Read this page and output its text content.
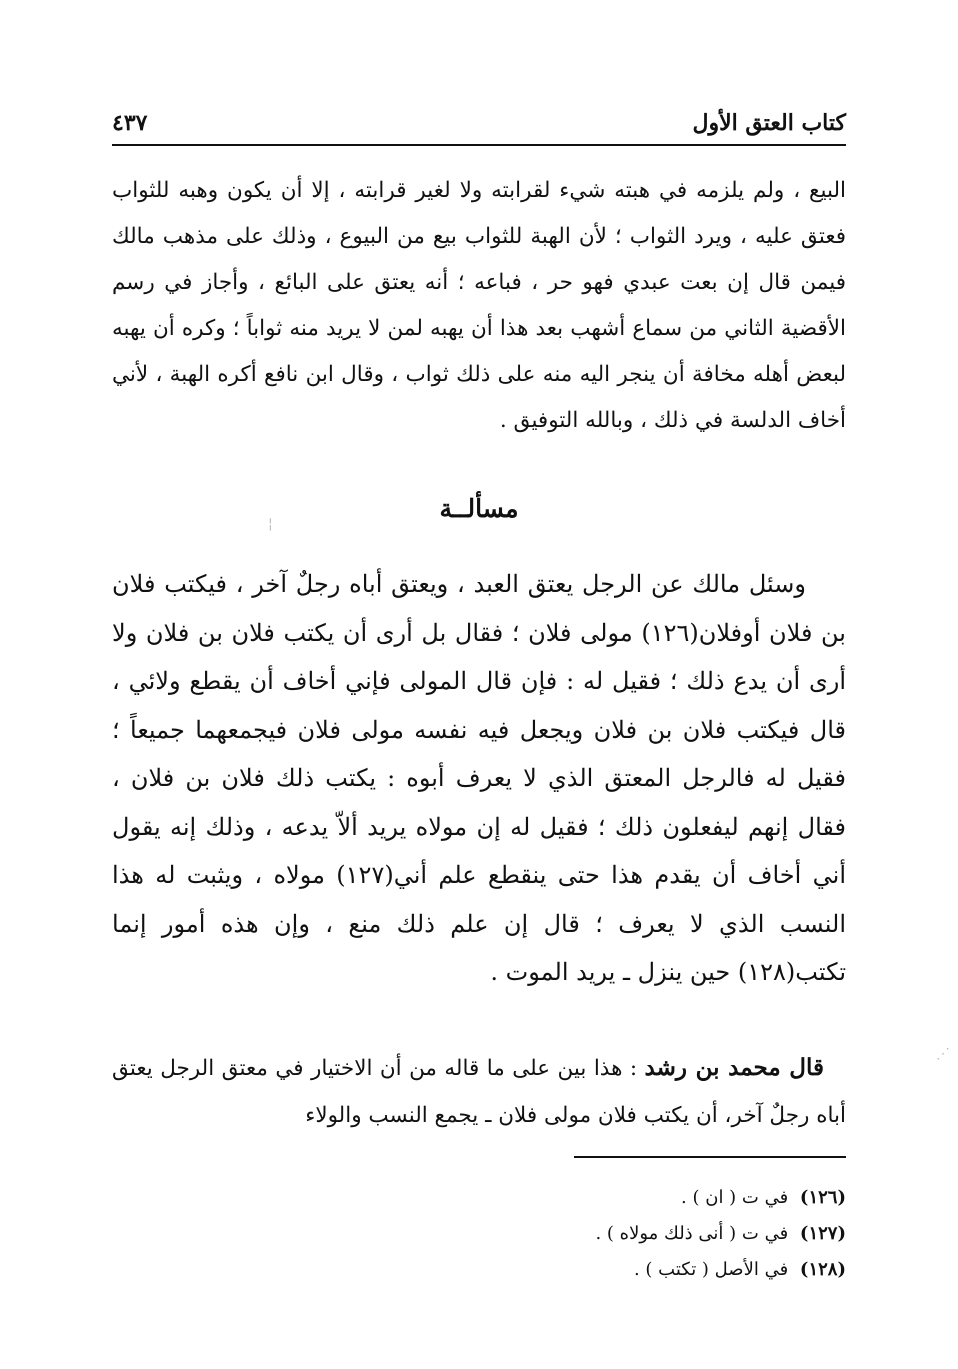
كتاب العتق الأول
٤٣٧

البيع ، ولم يلزمه في هبته شيء لقرابته ولا لغير قرابته ، إلا أن يكون وهبه للثواب فعتق عليه ، ويرد الثواب ؛ لأن الهبة للثواب بيع من البيوع ، وذلك على مذهب مالك فيمن قال إن بعت عبدي فهو حر ، فباعه ؛ أنه يعتق على البائع ، وأجاز في رسم الأقضية الثاني من سماع أشهب بعد هذا أن يهبه لمن لا يريد منه ثواباً ؛ وكره أن يهبه لبعض أهله مخافة أن ينجر اليه منه على ذلك ثواب ، وقال ابن نافع أكره الهبة ، لأني أخاف الدلسة في ذلك ، وبالله التوفيق .

مسألــة

وسئل مالك عن الرجل يعتق العبد ، ويعتق أباه رجلٌ آخر ، فيكتب فلان بن فلان أوفلان(١٢٦) مولى فلان ؛ فقال بل أرى أن يكتب فلان بن فلان ولا أرى أن يدع ذلك ؛ فقيل له : فإن قال المولى فإني أخاف أن يقطع ولائي ، قال فيكتب فلان بن فلان ويجعل فيه نفسه مولى فلان فيجمعهما جميعاً ؛ فقيل له فالرجل المعتق الذي لا يعرف أبوه : يكتب ذلك فلان بن فلان ، فقال إنهم ليفعلون ذلك ؛ فقيل له إن مولاه يريد ألاّ يدعه ، وذلك إنه يقول أني أخاف أن يقدم هذا حتى ينقطع علم أني(١٢٧) مولاه ، ويثبت له هذا النسب الذي لا يعرف ؛ قال إن علم ذلك منع ، وإن هذه أمور إنما تكتب(١٢٨) حين ينزل ـ يريد الموت .

قال محمد بن رشد : هذا بين على ما قاله من أن الاختيار في معتق الرجل يعتق أباه رجلٌ آخر، أن يكتب فلان مولى فلان ـ يجمع النسب والولاء

(١٢٦) في ت ( ان ) .
(١٢٧) في ت ( أنى ذلك مولاه ) .
(١٢٨) في الأصل ( تكتب ) .
¦
⋱
